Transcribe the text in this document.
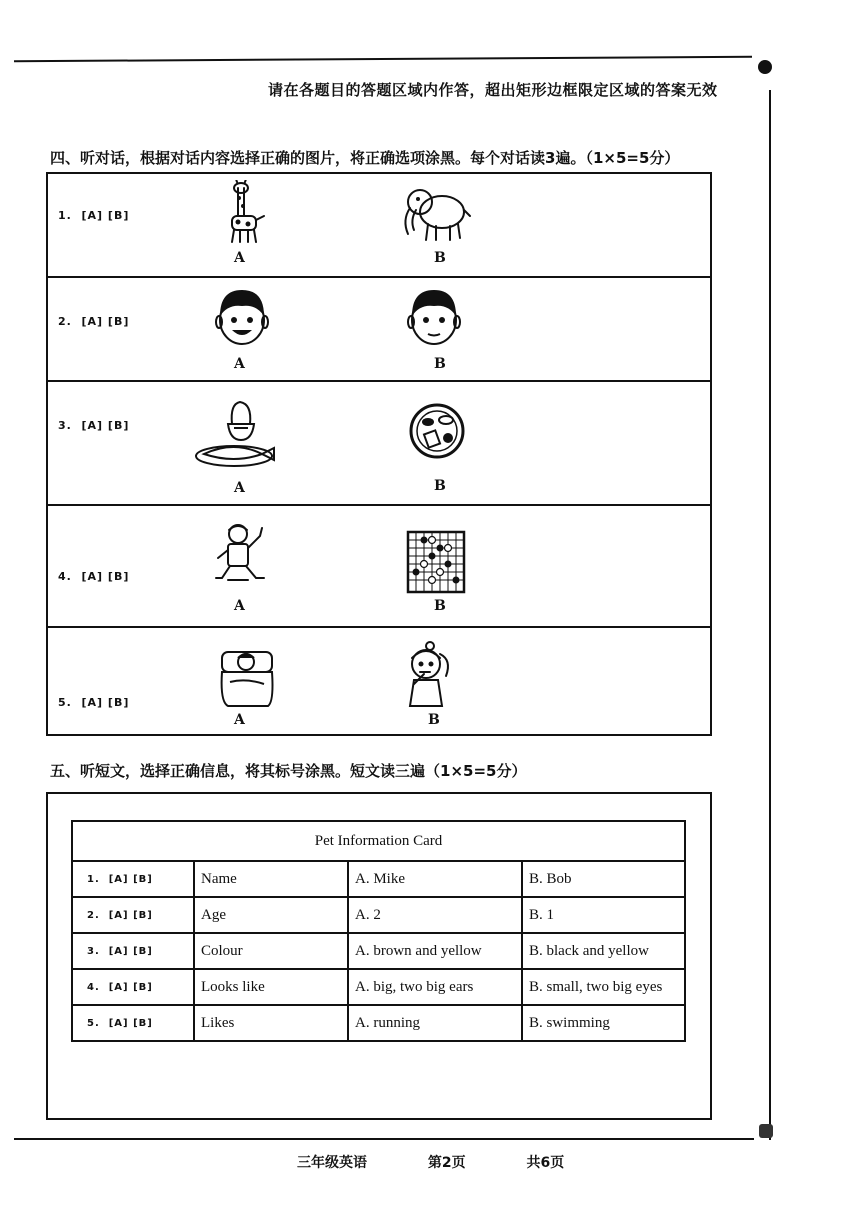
请在各题目的答题区域内作答，超出矩形边框限定区域的答案无效
四、听对话，根据对话内容选择正确的图片，将正确选项涂黑。每个对话读3遍。（1×5=5分）
1. [A] [B]
A	B
2. [A] [B]
A	B
3. [A] [B]
A	B
4. [A] [B]
A	B
5. [A] [B]
A	B
五、听短文，选择正确信息，将其标号涂黑。短文读三遍（1×5=5分）
Pet Information Card			
1. [A] [B]	Name	A. Mike	B. Bob
2. [A] [B]	Age	A. 2	B. 1
3. [A] [B]	Colour	A. brown and yellow	B. black and yellow
4. [A] [B]	Looks like	A. big, two big ears	B. small, two big eyes
5. [A] [B]	Likes	A. running	B. swimming
三年级英语	第2页	共6页
